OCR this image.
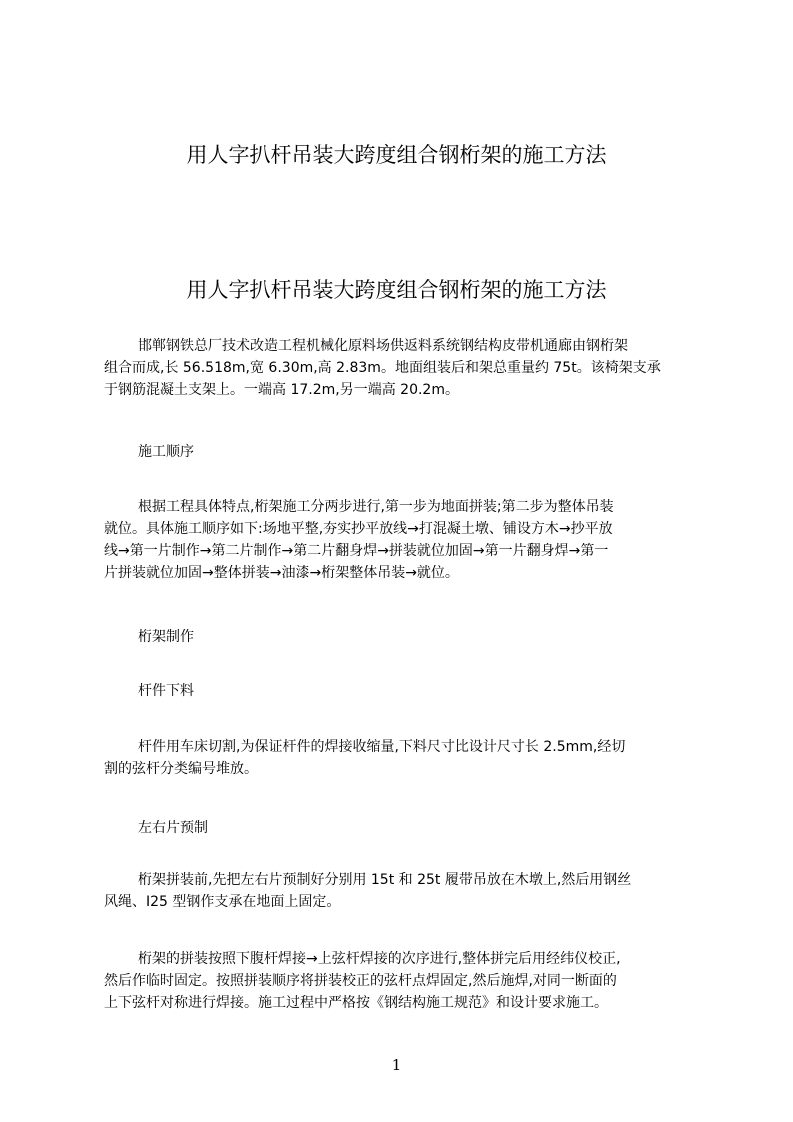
用人字扒杆吊装大跨度组合钢桁架的施工方法
用人字扒杆吊装大跨度组合钢桁架的施工方法

邯郸钢铁总厂技术改造工程机械化原料场供返料系统钢结构皮带机通廊由钢桁架
组合而成,长 56.518m,宽 6.30m,高 2.83m。地面组装后和架总重量约 75t。该椅架支承
于钢筋混凝土支架上。一端高 17.2m,另一端高 20.2m。

施工顺序

根据工程具体特点,桁架施工分两步进行,第一步为地面拼装;第二步为整体吊装
就位。具体施工顺序如下:场地平整,夯实抄平放线→打混凝土墩、铺设方木→抄平放
线→第一片制作→第二片制作→第二片翻身焊→拼装就位加固→第一片翻身焊→第一
片拼装就位加固→整体拼装→油漆→桁架整体吊装→就位。

桁架制作

杆件下料

杆件用车床切割,为保证杆件的焊接收缩量,下料尺寸比设计尺寸长 2.5mm,经切
割的弦杆分类编号堆放。

左右片预制

桁架拼装前,先把左右片预制好分别用 15t 和 25t 履带吊放在木墩上,然后用钢丝
风绳、I25 型钢作支承在地面上固定。

桁架的拼装按照下腹杆焊接→上弦杆焊接的次序进行,整体拼完后用经纬仪校正,
然后作临时固定。按照拼装顺序将拼装校正的弦杆点焊固定,然后施焊,对同一断面的
上下弦杆对称进行焊接。施工过程中严格按《钢结构施工规范》和设计要求施工。

1
